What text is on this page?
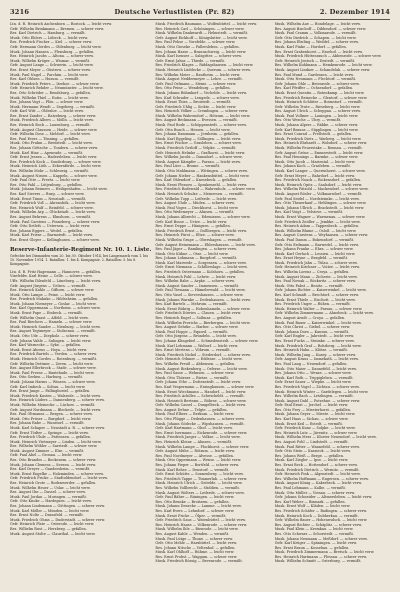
3216	Deutsche Verlustlisten (Pr. 82)	2. Dezember 1914
Ltn. d. R. Heinrich Aschenborn — Rostock. — leicht verw.
Gefr. Wilhelm Brinkmann — Bremen. — schwer verw.
Res. Karl Dietrich — Hamburg. — vermißt.
Musk. Otto Ehlers — Lübeck. — leicht verw.
Res. Friedrich Fischer — Kiel. — schwer verw.
Gefr. Hermann Gerdes — Oldenburg. — leicht verw.
Musk. Johann Hansen — Flensburg. — gefallen.
Res. Heinrich Jacobs — Altona. — schwer verw.
Musk. Wilhelm Kröger — Wismar. — vermißt.
Gefr. August Lange — Schwerin. — leicht verw.
Res. Ernst Meyer — Güstrow. — schwer verw.
Musk. Paul Nagel — Parchim. — leicht verw.
Res. Karl Ohlsen — Husum. — vermißt.
Musk. Friedrich Peters — Itzehoe. — schwer verw.
Gefr. Heinrich Rehder — Neumünster. — leicht verw.
Res. Otto Schröder — Rendsburg. — gefallen.
Musk. Wilhelm Thiel — Eutin. — leicht verw.
Res. Johann Vogt — Plön. — schwer verw.
Musk. Hermann Wendt — Segeberg. — vermißt.
Gefr. Karl Witt — Oldesloe. — leicht verw.
Res. Ernst Zander — Ratzeburg. — schwer verw.
Musk. Friedrich Albers — Mölln. — leicht verw.
Res. Heinrich Bock — Lauenburg. — vermißt.
Musk. August Claussen — Heide. — schwer verw.
Gefr. Wilhelm Dose — Meldorf. — leicht verw.
Res. Paul Evers — Tönning. — gefallen.
Musk. Otto Frahm — Bredstedt. — leicht verw.
Res. Johann Göttsche — Tondern. — schwer verw.
Musk. Karl Hinz — Apenrade. — vermißt.
Gefr. Ernst Jessen — Hadersleben. — leicht verw.
Res. Friedrich Kock — Sonderburg. — schwer verw.
Musk. Heinrich Lüth — Eckernförde. — leicht verw.
Res. Wilhelm Mohr — Schleswig. — vermißt.
Musk. August Nissen — Kappeln. — schwer verw.
Gefr. Paul Otte — Preetz. — leicht verw.
Res. Otto Pahl — Lütjenburg. — gefallen.
Musk. Johann Reimers — Heiligenhafen. — leicht verw.
Res. Karl Sievers — Burg. — schwer verw.
Musk. Ernst Timm — Neustadt. — vermißt.
Gefr. Friedrich Voß — Ahrensbök. — leicht verw.
Res. Heinrich Wulf — Reinfeld. — schwer verw.
Musk. Wilhelm Arp — Glückstadt. — leicht verw.
Res. August Behrens — Elmshorn. — vermißt.
Musk. Paul Carstens — Pinneberg. — schwer verw.
Gefr. Otto Detlefs — Uetersen. — leicht verw.
Res. Johann Eggers — Wedel. — gefallen.
Musk. Karl Friese — Barmstedt. — leicht verw.
Res. Ernst Gloyer — Kellinghusen. — schwer verw.
Reserve-Infanterie-Regiment Nr. 10. 1. Liste.
Gefechte bei Dixmuiden vom 20. bis 30. Oktober 1914, bei Langemarck vom 1. bis 10. November 1914. 1. Bataillon: 1. bis 4. Kompagnie. 2. Bataillon: 5. bis 8. Kompagnie.
Ltn. d. R. Fritz Hagemann — Hannover. — gefallen.
Vizefeldw. Karl Heine — Celle. — schwer verw.
Uffz. Wilhelm Ihlenfeld — Lüneburg. — leicht verw.
Gefr. August Jürgens — Uelzen. — vermißt.
Res. Heinrich Kahle — Gifhorn. — schwer verw.
Musk. Otto Lampe — Peine. — leicht verw.
Res. Friedrich Mahnke — Hildesheim. — gefallen.
Musk. Johann Niemeyer — Goslar. — leicht verw.
Res. Karl Oppermann — Northeim. — schwer verw.
Musk. Ernst Pape — Einbeck. — vermißt.
Gefr. Wilhelm Quast — Alfeld. — leicht verw.
Res. Paul Riechers — Hameln. — schwer verw.
Musk. Heinrich Sander — Nienburg. — leicht verw.
Res. August Tegtmeyer — Stolzenau. — vermißt.
Musk. Otto Ude — Diepholz. — schwer verw.
Gefr. Johann Vahle — Sulingen. — leicht verw.
Res. Karl Warnecke — Syke. — gefallen.
Musk. Ernst Ahrens — Hoya. — leicht verw.
Res. Friedrich Bartels — Verden. — schwer verw.
Musk. Heinrich Cordes — Rotenburg. — vermißt.
Gefr. Wilhelm Dettmer — Zeven. — leicht verw.
Res. August Ellerbrock — Stade. — schwer verw.
Musk. Paul Freese — Buxtehude. — leicht verw.
Res. Otto Gerken — Harburg. — vermißt.
Musk. Johann Harms — Winsen. — schwer verw.
Gefr. Karl Imbeck — Soltau. — leicht verw.
Res. Ernst Junge — Fallingbostel. — gefallen.
Musk. Friedrich Kasten — Walsrode. — leicht verw.
Res. Heinrich Lüders — Dannenberg. — schwer verw.
Musk. Wilhelm Meinecke — Lüchow. — vermißt.
Gefr. August Nordmann — Bleckede. — leicht verw.
Res. Paul Oltmanns — Bergen. — schwer verw.
Musk. Otto Prüser — Burgdorf. — leicht verw.
Res. Johann Rabe — Wunstorf. — vermißt.
Musk. Karl Schaper — Neustadt a. R. — schwer verw.
Gefr. Ernst Tödter — Springe. — leicht verw.
Res. Friedrich Uhde — Pattensen. — gefallen.
Musk. Heinrich Vietmeyer — Linden. — leicht verw.
Res. Wilhelm Wöhler — Sarstedt. — schwer verw.
Musk. August Zimmer — Elze. — vermißt.
Gefr. Paul Abel — Gronau. — leicht verw.
Res. Otto Brandes — Bockenem. — schwer verw.
Musk. Johann Clemens — Seesen. — leicht verw.
Res. Karl Dreyer — Gandersheim. — vermißt.
Musk. Ernst Engelke — Holzminden. — schwer verw.
Gefr. Friedrich Fricke — Stadtoldendorf. — leicht verw.
Res. Heinrich Grote — Bodenwerder. — gefallen.
Musk. Wilhelm Heuer — Uslar. — leicht verw.
Res. August Ilse — Dassel. — schwer verw.
Musk. Paul Jordan — Moringen. — vermißt.
Gefr. Otto Knoke — Hardegsen. — leicht verw.
Res. Johann Lindemann — Göttingen. — schwer verw.
Musk. Karl Möller — Münden. — leicht verw.
Res. Ernst Nolte — Dransfeld. — vermißt.
Musk. Friedrich Ohms — Duderstadt. — schwer verw.
Gefr. Heinrich Plate — Osterode. — leicht verw.
Res. Wilhelm Rust — Herzberg. — gefallen.
Musk. August Stolte — Clausthal. — leicht verw.
Musk. Friedrich Baumann — Wolfenbüttel. — leicht verw.
Res. Heinrich Carl — Schöningen. — schwer verw.
Musk. Wilhelm Dankwardt — Helmstedt. — vermißt.
Gefr. August Eickhoff — Königslutter. — leicht verw.
Res. Paul Fehse — Vorsfelde. — schwer verw.
Musk. Otto Gieseke — Fallersleben. — gefallen.
Res. Johann Hasse — Braunschweig. — leicht verw.
Musk. Karl Isensee — Salzgitter. — schwer verw.
Gefr. Ernst Jahns — Thiede. — vermißt.
Res. Friedrich Klages — Riddagshausen. — leicht verw.
Musk. Heinrich Lüddecke — Querum. — schwer verw.
Res. Wilhelm Meier — Rautheim. — leicht verw.
Musk. August Neddermeyer — Lehre. — vermißt.
Gefr. Paul Oelmann — Meine. — schwer verw.
Res. Otto Peine — Wendeburg. — gefallen.
Musk. Johann Rühmkorf — Vechelde. — leicht verw.
Res. Karl Schrader — Lengede. — schwer verw.
Musk. Ernst Thies — Broistedt. — vermißt.
Gefr. Friedrich Uhlig — Sickte. — leicht verw.
Res. Heinrich Völker — Cremlingen. — schwer verw.
Musk. Wilhelm Wahrendorf — Hötzum. — leicht verw.
Res. August Beckmann — Evessen. — vermißt.
Musk. Paul Bode — Schöppenstedt. — schwer verw.
Gefr. Otto Busch — Hessen. — leicht verw.
Res. Johann Dammann — Jerxheim. — gefallen.
Musk. Karl Eggeling — Söllingen. — leicht verw.
Res. Ernst Fischer — Grasleben. — schwer verw.
Musk. Friedrich Gerloff — Velpke. — vermißt.
Gefr. Heinrich Helmke — Grafhorst. — leicht verw.
Res. Wilhelm Jacobi — Danndorf. — schwer verw.
Musk. August Kämpfer — Parsau. — leicht verw.
Res. Paul Lüer — Brome. — vermißt.
Musk. Otto Mahlmann — Wittingen. — schwer verw.
Gefr. Johann Nieber — Hankensbüttel. — leicht verw.
Res. Karl Ohlendorf — Knesebeck. — gefallen.
Musk. Ernst Plessow — Sprakensehl. — leicht verw.
Res. Friedrich Rodewald — Wahrenholz. — schwer verw.
Musk. Heinrich Schulze — Meinersen. — vermißt.
Gefr. Wilhelm Topp — Leiferde. — leicht verw.
Res. August Uhde — Müden. — schwer verw.
Musk. Paul Voges — Dieckhorst. — leicht verw.
Res. Otto Wedemeyer — Ahnsen. — vermißt.
Musk. Johann Albrecht — Edemissen. — schwer verw.
Gefr. Karl Bosse — Uetze. — leicht verw.
Res. Ernst Deppe — Hänigsen. — gefallen.
Musk. Friedrich Ernst — Dollbergen. — leicht verw.
Res. Heinrich Fürst — Eltze. — schwer verw.
Musk. Wilhelm Grupe — Obershagen. — vermißt.
Gefr. August Heinemann — Ehlershausen. — leicht verw.
Res. Paul Jäger — Ramlingen. — schwer verw.
Musk. Otto Kühne — Otze. — leicht verw.
Res. Johann Lohmann — Burgdorf. — vermißt.
Musk. Karl Marwede — Sorgensen. — schwer verw.
Gefr. Ernst Niemann — Schillerslage. — leicht verw.
Res. Friedrich Ostermann — Kolshorn. — gefallen.
Musk. Heinrich Pohl — Lehrte. — leicht verw.
Res. Wilhelm Rabe — Arpke. — schwer verw.
Musk. August Sander — Immensen. — vermißt.
Gefr. Paul Tiemann — Hämelerwald. — leicht verw.
Res. Otto Vasel — Sievershausen. — schwer verw.
Musk. Johann Warnke — Dedenhausen. — leicht verw.
Res. Karl Bartels — Mehrum. — vermißt.
Musk. Ernst Bührig — Hohenhameln. — schwer verw.
Gefr. Friedrich Dörries — Clauen. — leicht verw.
Res. Heinrich Engel — Soßmar. — gefallen.
Musk. Wilhelm Frerichs — Bierbergen. — leicht verw.
Res. August Gehrke — Harber. — schwer verw.
Musk. Paul Hoppe — Equord. — vermißt.
Gefr. Otto Jürgens — Bründeln. — leicht verw.
Res. Johann Klingebiel — Schmedenstedt. — schwer verw.
Musk. Karl Lehmann — Woltorf. — leicht verw.
Res. Ernst Mertens — Vöhrum. — vermißt.
Musk. Friedrich Nickel — Stederdorf. — schwer verw.
Gefr. Heinrich Othmer — Eddesse. — leicht verw.
Res. Wilhelm Preuß — Abbensen. — gefallen.
Musk. August Riekenberg — Oelerse. — leicht verw.
Res. Paul Sasse — Wehnsen. — schwer verw.
Musk. Otto Thörner — Rietze. — vermißt.
Gefr. Johann Uthe — Duttenstedt. — leicht verw.
Res. Karl Vespermann — Essinghausen. — schwer verw.
Musk. Ernst Wiechmann — Handorf. — leicht verw.
Res. Friedrich Achilles — Schwicheldt. — vermißt.
Musk. Heinrich Bertram — Röhrse. — schwer verw.
Gefr. Wilhelm Cassel — Dungelbeck. — leicht verw.
Res. August Dehne — Telgte. — gefallen.
Musk. Paul Elbers — Berkum. — leicht verw.
Res. Otto Flügge — Dedenhausen. — schwer verw.
Musk. Johann Gödecke — Wipshausen. — vermißt.
Gefr. Karl Hartmann — Ohof. — leicht verw.
Res. Ernst Isermann — Eickenrode. — schwer verw.
Musk. Friedrich Jaeger — Volkse. — leicht verw.
Res. Heinrich Kleine — Ahnsen. — vermißt.
Musk. Wilhelm Lampe — Plockhorst. — schwer verw.
Gefr. August Mühe — Rötzum. — leicht verw.
Res. Paul Nordmeyer — Alvesse. — gefallen.
Musk. Otto Oppermann — Wense. — leicht verw.
Res. Johann Pieper — Bortfeld. — schwer verw.
Musk. Karl Rehse — Denstorf. — vermißt.
Gefr. Ernst Schütte — Sonnenberg. — leicht verw.
Res. Friedrich Tappe — Timmerlah. — schwer verw.
Musk. Heinrich Ulrich — Geitelde. — leicht verw.
Res. Wilhelm Vollbrecht — Stiddien. — vermißt.
Musk. August Wolters — Leiferde. — schwer verw.
Gefr. Paul Bähre — Rüningen. — leicht verw.
Res. Otto Brunke — Broitzem. — gefallen.
Musk. Johann Denecke — Lamme. — leicht verw.
Res. Karl Evers — Lehndorf. — schwer verw.
Musk. Ernst Fricke — Ölper. — vermißt.
Gefr. Friedrich Gaus — Watenbüttel. — leicht verw.
Res. Heinrich Haase — Völkenrode. — schwer verw.
Musk. Wilhelm Ihle — Bienrode. — leicht verw.
Res. August Kahle — Wenden. — vermißt.
Musk. Paul Lütge — Thune. — schwer verw.
Gefr. Otto Mehle — Harxbüttel. — leicht verw.
Res. Johann Nitsche — Veltenhof. — gefallen.
Musk. Karl Ohlhoff — Rühme. — leicht verw.
Res. Ernst Probst — Waggum. — schwer verw.
Musk. Friedrich Rössig — Bevenrode. — vermißt.
Musk. Wilhelm Aue — Hondelage. — leicht verw.
Res. August Bischoff — Dibbesdorf. — schwer verw.
Musk. Paul Cramm — Volkmarode. — vermißt.
Gefr. Otto Diedrich — Schapen. — leicht verw.
Res. Johann Ebeling — Weddel. — schwer verw.
Musk. Karl Finke — Hordorf. — gefallen.
Res. Ernst Grabenhorst — Essehof. — leicht verw.
Musk. Friedrich Hüttenrauch — Abbenrode. — schwer verw.
Gefr. Heinrich Jentsch — Destedt. — vermißt.
Res. Wilhelm Kuhlmann — Hemkenrode. — leicht verw.
Musk. August Lindner — Schandelah. — schwer verw.
Res. Paul Mund — Gardessen. — leicht verw.
Musk. Otto Neumann — Flechtorf. — vermißt.
Gefr. Johann Ohle — Beienrode. — schwer verw.
Res. Karl Pfeiffer — Ochsendorf. — gefallen.
Musk. Ernst Quentin — Rotenkamp. — leicht verw.
Res. Friedrich Reinecke — Glentorf. — schwer verw.
Musk. Heinrich Schlüter — Boimstorf. — vermißt.
Gefr. Wilhelm Trute — Rieseberg. — leicht verw.
Res. August Ulrich — Scheppau. — schwer verw.
Musk. Paul Vollmer — Lauingen. — leicht verw.
Res. Otto Wesche — Uhry. — vermißt.
Musk. Johann Alpers — Räbke. — schwer verw.
Gefr. Karl Brauns — Süpplingen. — leicht verw.
Res. Ernst Conrad — Frellstedt. — gefallen.
Musk. Friedrich Dietz — Warberg. — leicht verw.
Res. Heinrich Ehrhardt — Wolsdorf. — schwer verw.
Musk. Wilhelm Feuerstake — Rennau. — vermißt.
Gefr. August Gröne — Emmerstedt. — leicht verw.
Res. Paul Hennings — Barmke. — schwer verw.
Musk. Otto Jacob — Mariental. — leicht verw.
Res. Johann Koch — Grasleben. — vermißt.
Musk. Karl Langer — Querenhorst. — schwer verw.
Gefr. Ernst Meyer — Bahrdorf. — leicht verw.
Res. Friedrich Noack — Rickensdorf. — gefallen.
Musk. Heinrich Opitz — Saalsdorf. — leicht verw.
Res. Wilhelm Pätzold — Mackendorf. — schwer verw.
Musk. August Rösler — Volkmarsdorf. — vermißt.
Gefr. Paul Seidel — Nordsteimke. — leicht verw.
Res. Otto Theuerkauf — Hehlingen. — schwer verw.
Musk. Johann Ullrich — Brackstedt. — leicht verw.
Res. Karl Voigt — Velstove. — vermißt.
Musk. Ernst Wagner — Warmenau. — schwer verw.
Gefr. Friedrich Zeidler — Jembke. — leicht verw.
Res. Heinrich Adam — Tappenbeck. — gefallen.
Musk. Wilhelm Blume — Osloß. — leicht verw.
Res. August Carstens — Weyhausen. — schwer verw.
Musk. Paul Damm — Bokensdorf. — vermißt.
Gefr. Otto Erdmann — Barwedel. — leicht verw.
Res. Johann Franke — Ehra. — schwer verw.
Musk. Karl Gerlach — Lessien. — leicht verw.
Res. Ernst Heyne — Bergfeld. — vermißt.
Musk. Friedrich Jahn — Tülau. — schwer verw.
Gefr. Heinrich Kirchner — Voitze. — leicht verw.
Res. Wilhelm Lorenz — Croya. — gefallen.
Musk. August Mann — Zicherie. — leicht verw.
Res. Paul Nowak — Böckwitz. — schwer verw.
Musk. Otto Pabst — Benitz. — vermißt.
Gefr. Johann Richter — Kaiserwinkel. — leicht verw.
Res. Karl Schmidt — Brechtorf. — schwer verw.
Musk. Ernst Thiele — Eischott. — leicht verw.
Res. Friedrich Unger — Rühen. — vermißt.
Musk. Heinrich Walter — Parsau. — schwer verw.
Gefr. Wilhelm Zimmermann — Ahnebeck. — leicht verw.
Res. August Arndt — Croya. — gefallen.
Musk. Paul Bauer — Kaiserwinkel. — leicht verw.
Res. Otto Christ — Giebel. — schwer verw.
Musk. Johann Dorn — Kunrau. — vermißt.
Gefr. Karl Engler — Jahrstedt. — leicht verw.
Res. Ernst Fuchs — Steimke. — schwer verw.
Musk. Friedrich Graf — Rohrberg. — leicht verw.
Res. Heinrich Hahn — Klötze. — vermißt.
Musk. Wilhelm Jung — Kusey. — schwer verw.
Gefr. August Kraus — Immekath. — leicht verw.
Res. Paul Lang — Neuendorf. — gefallen.
Musk. Otto Maier — Dannefeld. — leicht verw.
Res. Johann Otto — Wenze. — schwer verw.
Musk. Karl Roth — Trippigleben. — vermißt.
Gefr. Ernst Sauer — Wiepke. — leicht verw.
Res. Friedrich Vogel — Zichtau. — schwer verw.
Musk. Heinrich Winter — Gardelegen. — leicht verw.
Res. Wilhelm Bach — Letzlingen. — vermißt.
Musk. August Dahl — Potzehne. — schwer verw.
Gefr. Paul Ernst — Jerchel. — leicht verw.
Res. Otto Frey — Miesterhorst. — gefallen.
Musk. Johann Geyer — Mieste. — leicht verw.
Res. Karl Haas — Sichau. — schwer verw.
Musk. Ernst Keil — Estedt. — vermißt.
Gefr. Friedrich Kunz — Solpke. — leicht verw.
Res. Heinrich Lutz — Jävenitz. — schwer verw.
Musk. Wilhelm Merz — Kloster Neuendorf. — leicht verw.
Res. August Pohl — Lindstedt. — vermißt.
Musk. Paul Ritter — Wannefeld. — schwer verw.
Gefr. Otto Stein — Kassieck. — leicht verw.
Res. Johann Weiß — Berge. — gefallen.
Musk. Karl Ziegler — Ipse. — leicht verw.
Res. Ernst Beck — Hottendorf. — schwer verw.
Musk. Friedrich Dietrich — Wernitz. — vermißt.
Gefr. Heinrich Fink — Algenstedt. — leicht verw.
Res. Wilhelm Hoffmann — Engersen. — schwer verw.
Musk. August König — Kakerbeck. — leicht verw.
Res. Paul Lehmann — Kalbe. — vermißt.
Musk. Otto Müller — Vienau. — schwer verw.
Gefr. Johann Schneider — Altmersleben. — leicht verw.
Res. Karl Weber — Bismark. — gefallen.
Musk. Ernst Wolf — Kläden. — leicht verw.
Res. Friedrich Schäfer — Badingen. — schwer verw.
Musk. Heinrich Koch — Dobberkau. — vermißt.
Gefr. Wilhelm Bauer — Hohenwulsch. — leicht verw.
Res. August Richter — Schäplitz. — schwer verw.
Musk. Paul Klein — Kremkau. — leicht verw.
Res. Otto Schwarz — Schorstedt. — vermißt.
Musk. Johann Neumann — Meßdorf. — schwer verw.
Gefr. Karl Krüger — Späningen. — leicht verw.
Res. Ernst Braun — Kossebau. — gefallen.
Musk. Friedrich Zimmermann — Bretsch. — leicht verw.
Res. Heinrich Hartmann — Flessau. — schwer verw.
Musk. Wilhelm Schmitt — Osterburg. — vermißt.
